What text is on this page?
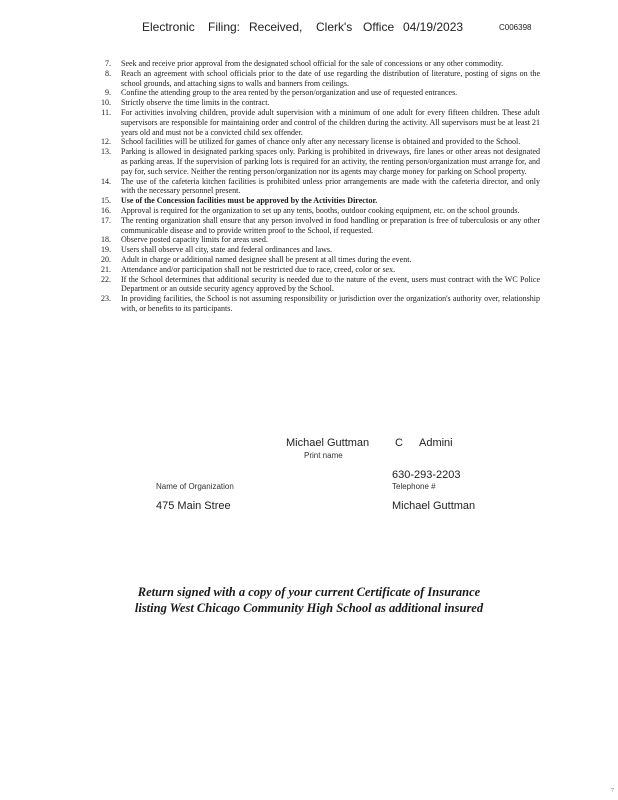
Electronic Filing: Received, Clerk's Office 04/19/2023	C006398
7. Seek and receive prior approval from the designated school official for the sale of concessions or any other commodity.
8. Reach an agreement with school officials prior to the date of use regarding the distribution of literature, posting of signs on the school grounds, and attaching signs to walls and banners from ceilings.
9. Confine the attending group to the area rented by the person/organization and use of requested entrances.
10. Strictly observe the time limits in the contract.
11. For activities involving children, provide adult supervision with a minimum of one adult for every fifteen children. These adult supervisors are responsible for maintaining order and control of the children during the activity. All supervisors must be at least 21 years old and must not be a convicted child sex offender.
12. School facilities will be utilized for games of chance only after any necessary license is obtained and provided to the School.
13. Parking is allowed in designated parking spaces only. Parking is prohibited in driveways, fire lanes or other areas not designated as parking areas. If the supervision of parking lots is required for an activity, the renting person/organization must arrange for, and pay for, such service. Neither the renting person/organization nor its agents may charge money for parking on School property.
14. The use of the cafeteria kitchen facilities is prohibited unless prior arrangements are made with the cafeteria director, and only with the necessary personnel present.
15. Use of the Concession facilities must be approved by the Activities Director.
16. Approval is required for the organization to set up any tents, booths, outdoor cooking equipment, etc. on the school grounds.
17. The renting organization shall ensure that any person involved in food handling or preparation is free of tuberculosis or any other communicable disease and to provide written proof to the School, if requested.
18. Observe posted capacity limits for areas used.
19. Users shall observe all city, state and federal ordinances and laws.
20. Adult in charge or additional named designee shall be present at all times during the event.
21. Attendance and/or participation shall not be restricted due to race, creed, color or sex.
22. If the School determines that additional security is needed due to the nature of the event, users must contract with the WC Police Department or an outside security agency approved by the School.
23. In providing facilities, the School is not assuming responsibility or jurisdiction over the organization's authority over, relationship with, or benefits to its participants.
Michael Guttman C Admini
Print name
630-293-2203
Telephone #
Name of Organization
475 Main Stree	Michael Guttman
Return signed with a copy of your current Certificate of Insurance
listing West Chicago Community High School as additional insured
7
